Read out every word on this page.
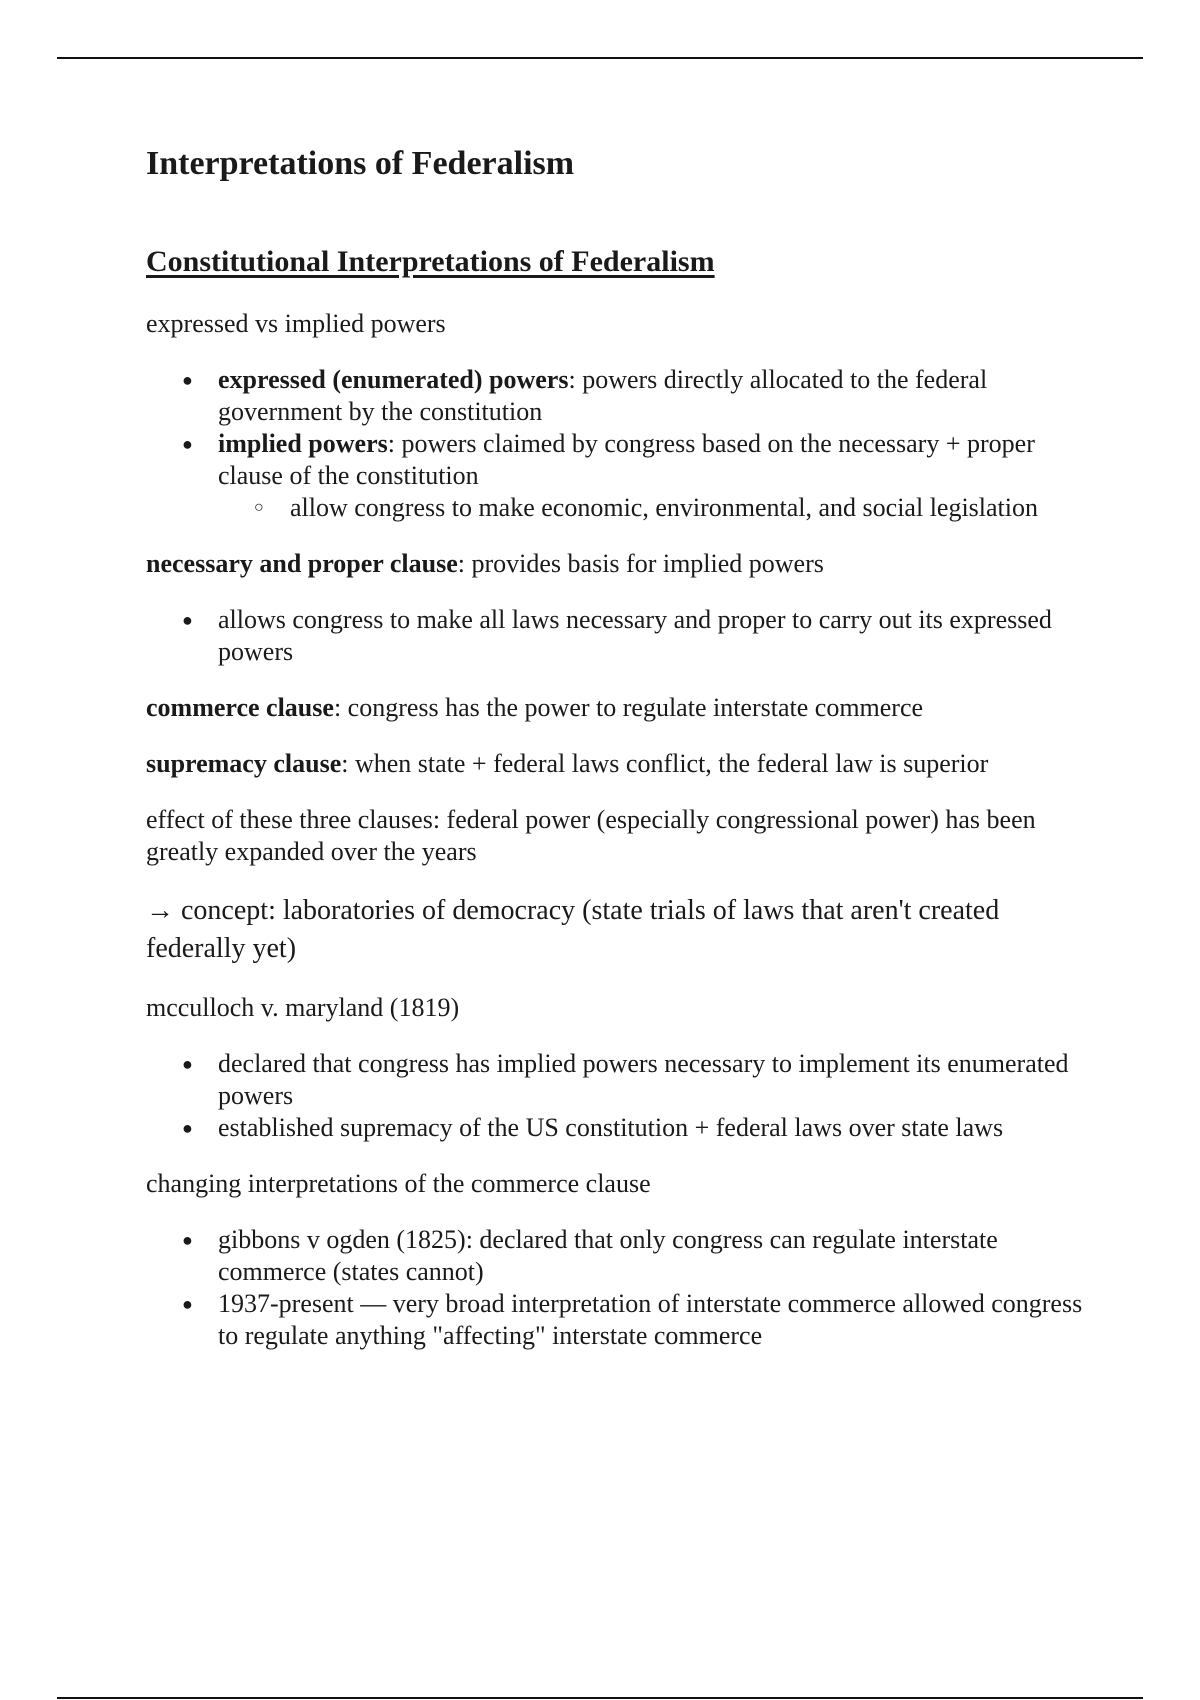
Interpretations of Federalism
Constitutional Interpretations of Federalism

expressed vs implied powers

● expressed (enumerated) powers: powers directly allocated to the federal government by the constitution
● implied powers: powers claimed by congress based on the necessary + proper clause of the constitution
○ allow congress to make economic, environmental, and social legislation

necessary and proper clause: provides basis for implied powers

● allows congress to make all laws necessary and proper to carry out its expressed powers

commerce clause: congress has the power to regulate interstate commerce

supremacy clause: when state + federal laws conflict, the federal law is superior

effect of these three clauses: federal power (especially congressional power) has been greatly expanded over the years

→ concept: laboratories of democracy (state trials of laws that aren't created federally yet)

mcculloch v. maryland (1819)

● declared that congress has implied powers necessary to implement its enumerated powers
● established supremacy of the US constitution + federal laws over state laws

changing interpretations of the commerce clause

● gibbons v ogden (1825): declared that only congress can regulate interstate commerce (states cannot)
● 1937-present — very broad interpretation of interstate commerce allowed congress to regulate anything "affecting" interstate commerce
